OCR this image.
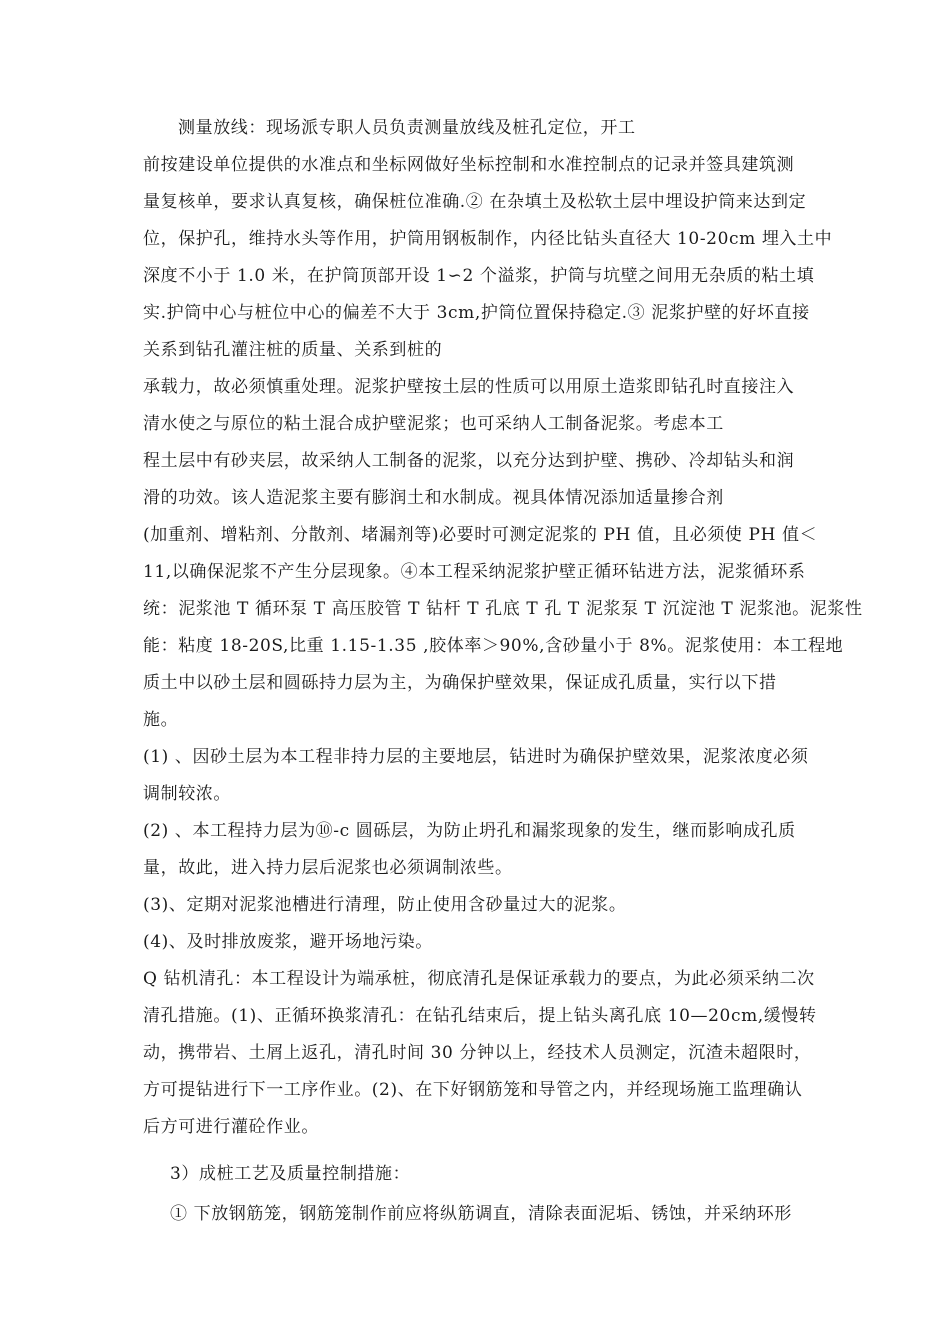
测量放线：现场派专职人员负责测量放线及桩孔定位，开工
前按建设单位提供的水准点和坐标网做好坐标控制和水准控制点的记录并签具建筑测
量复核单，要求认真复核，确保桩位准确.② 在杂填土及松软土层中埋设护筒来达到定
位，保护孔，维持水头等作用，护筒用钢板制作，内径比钻头直径大 10-20cm 埋入土中
深度不小于 1.0 米，在护筒顶部开设 1∽2 个溢浆，护筒与坑壁之间用无杂质的粘土填
实.护筒中心与桩位中心的偏差不大于 3cm,护筒位置保持稳定.③ 泥浆护壁的好坏直接
关系到钻孔灌注桩的质量、关系到桩的
承载力，故必须慎重处理。泥浆护壁按土层的性质可以用原土造浆即钻孔时直接注入
清水使之与原位的粘土混合成护壁泥浆；也可采纳人工制备泥浆。考虑本工
程土层中有砂夹层，故采纳人工制备的泥浆，以充分达到护壁、携砂、冷却钻头和润
滑的功效。该人造泥浆主要有膨润土和水制成。视具体情况添加适量掺合剂
(加重剂、增粘剂、分散剂、堵漏剂等)必要时可测定泥浆的 PH 值，且必须使 PH 值＜
11,以确保泥浆不产生分层现象。④本工程采纳泥浆护壁正循环钻进方法，泥浆循环系
统：泥浆池 T 循环泵 T 高压胶管 T 钻杆 T 孔底 T 孔 T 泥浆泵 T 沉淀池 T 泥浆池。泥浆性
能：粘度 18-20S,比重 1.15-1.35 ,胶体率＞90%,含砂量小于 8%。泥浆使用：本工程地
质土中以砂土层和圆砾持力层为主，为确保护壁效果，保证成孔质量，实行以下措
施。
(1) 、因砂土层为本工程非持力层的主要地层，钻进时为确保护壁效果，泥浆浓度必须
调制较浓。
(2) 、本工程持力层为⑩-c 圆砾层，为防止坍孔和漏浆现象的发生，继而影响成孔质
量，故此，进入持力层后泥浆也必须调制浓些。
(3)、定期对泥浆池槽进行清理，防止使用含砂量过大的泥浆。
(4)、及时排放废浆，避开场地污染。
Q 钻机清孔：本工程设计为端承桩，彻底清孔是保证承载力的要点，为此必须采纳二次
清孔措施。(1)、正循环换浆清孔：在钻孔结束后，提上钻头离孔底 10—20cm,缓慢转
动，携带岩、土屑上返孔，清孔时间 30 分钟以上，经技术人员测定，沉渣未超限时，
方可提钻进行下一工序作业。(2)、在下好钢筋笼和导管之内，并经现场施工监理确认
后方可进行灌砼作业。
3）成桩工艺及质量控制措施：
① 下放钢筋笼，钢筋笼制作前应将纵筋调直，清除表面泥垢、锈蚀，并采纳环形
